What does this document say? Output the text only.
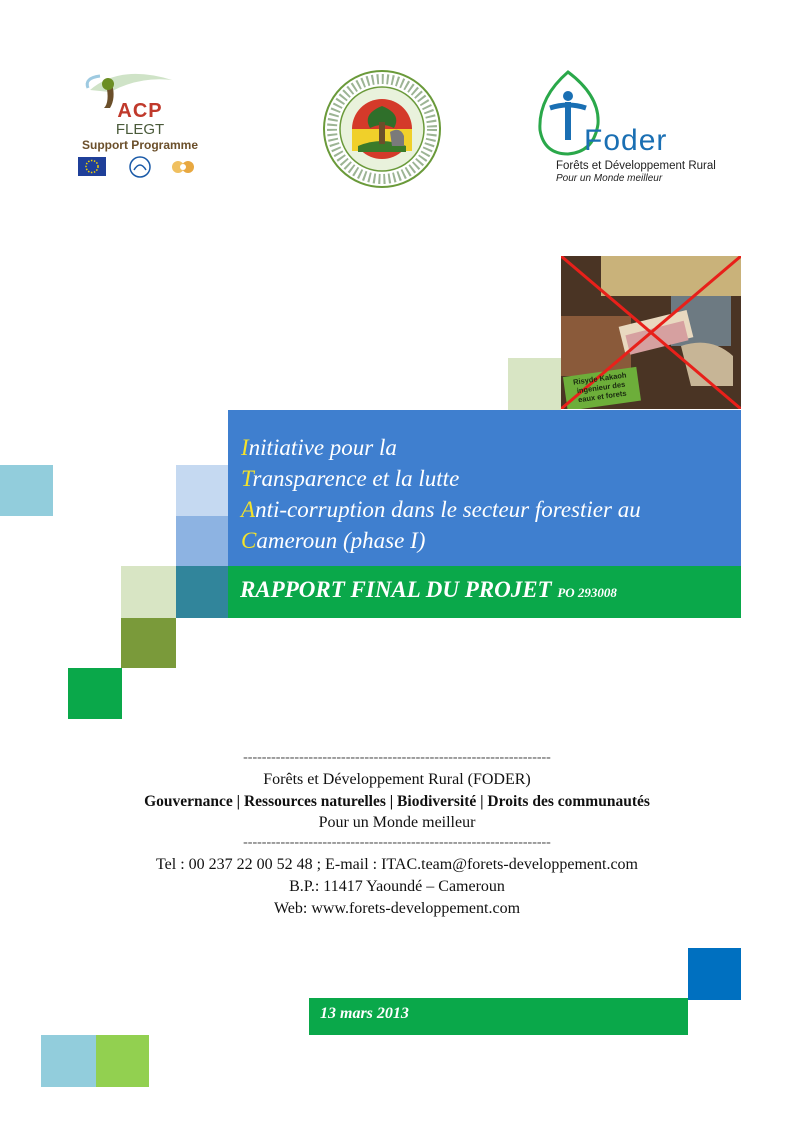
ACP
FLEGT
Support Programme	Foder
Forêts et Développement Rural
Pour un Monde meilleur
Risyde Kakaoh ingenieur des eaux et forets
Initiative pour la
Transparence et la lutte
Anti-corruption dans le secteur forestier au
Cameroun (phase I)
RAPPORT FINAL DU PROJET PO 293008
------------------------------------------------------------------
Forêts et Développement Rural (FODER)
Gouvernance | Ressources naturelles | Biodiversité | Droits des communautés
Pour un Monde meilleur
------------------------------------------------------------------
Tel : 00 237 22 00 52 48 ; E-mail : ITAC.team@forets-developpement.com
B.P.: 11417 Yaoundé – Cameroun
Web: www.forets-developpement.com
13 mars 2013
